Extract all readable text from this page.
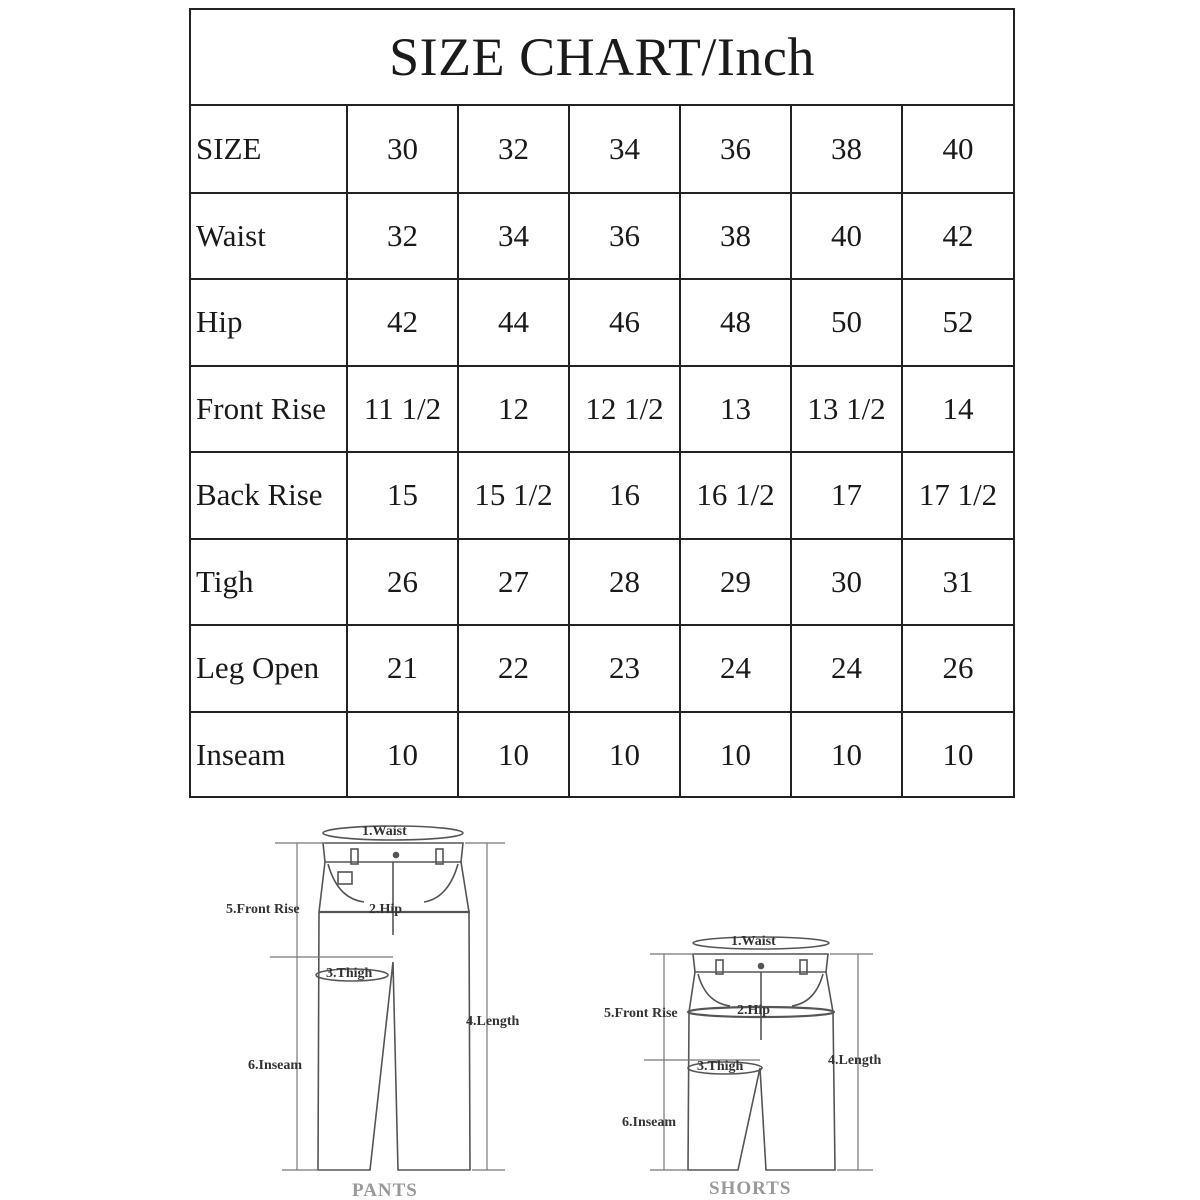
SIZE CHART/Inch
SIZE	30	32	34	36	38	40
Waist	32	34	36	38	40	42
Hip	42	44	46	48	50	52
Front Rise	11 1/2	12	12 1/2	13	13 1/2	14
Back Rise	15	15 1/2	16	16 1/2	17	17 1/2
Tigh	26	27	28	29	30	31
Leg Open	21	22	23	24	24	26
Inseam	10	10	10	10	10	10
1.Waist
5.Front Rise	2.Hip
3.Thigh
4.Length
6.Inseam
PANTS
1.Waist
5.Front Rise	2.Hip
3.Thigh	4.Length
6.Inseam
SHORTS
